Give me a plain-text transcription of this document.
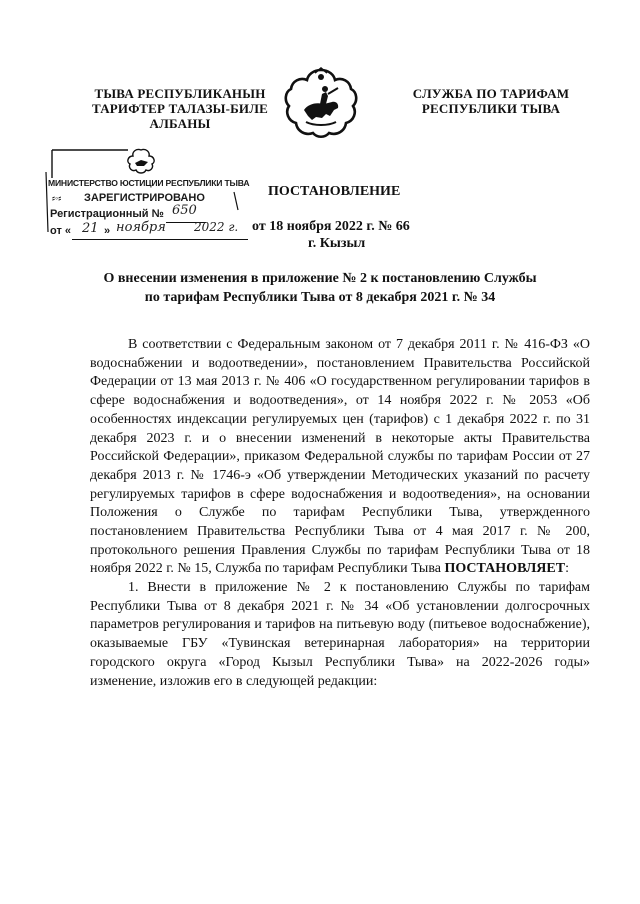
ТЫВА РЕСПУБЛИКАНЫН
ТАРИФТЕР ТАЛАЗЫ-БИЛЕ
АЛБАНЫ
СЛУЖБА ПО ТАРИФАМ
РЕСПУБЛИКИ ТЫВА
МИНИСТЕРСТВО ЮСТИЦИИ РЕСПУБЛИКИ ТЫВА
⸗◦⸗ ЗАРЕГИСТРИРОВАНО
Регистрационный № 650
от « 21 » ноября 2022 г.
ПОСТАНОВЛЕНИЕ
от 18 ноября 2022 г. № 66
г. Кызыл
О внесении изменения в приложение № 2 к постановлению Службы
по тарифам Республики Тыва от 8 декабря 2021 г. № 34
В соответствии с Федеральным законом от 7 декабря 2011 г. № 416-ФЗ «О водоснабжении и водоотведении», постановлением Правительства Российской Федерации от 13 мая 2013 г. № 406 «О государственном регулировании тарифов в сфере водоснабжения и водоотведения», от 14 ноября 2022 г. № 2053 «Об особенностях индексации регулируемых цен (тарифов) с 1 декабря 2022 г. по 31 декабря 2023 г. и о внесении изменений в некоторые акты Правительства Российской Федерации», приказом Федеральной службы по тарифам России от 27 декабря 2013 г. № 1746-э «Об утверждении Методических указаний по расчету регулируемых тарифов в сфере водоснабжения и водоотведения», на основании Положения о Службе по тарифам Республики Тыва, утвержденного постановлением Правительства Республики Тыва от 4 мая 2017 г. № 200, протокольного решения Правления Службы по тарифам Республики Тыва от 18 ноября 2022 г. № 15, Служба по тарифам Республики Тыва ПОСТАНОВЛЯЕТ:
1. Внести в приложение № 2 к постановлению Службы по тарифам Республики Тыва от 8 декабря 2021 г. № 34 «Об установлении долгосрочных параметров регулирования и тарифов на питьевую воду (питьевое водоснабжение), оказываемые ГБУ «Тувинская ветеринарная лаборатория» на территории городского округа «Город Кызыл Республики Тыва» на 2022-2026 годы» изменение, изложив его в следующей редакции:
